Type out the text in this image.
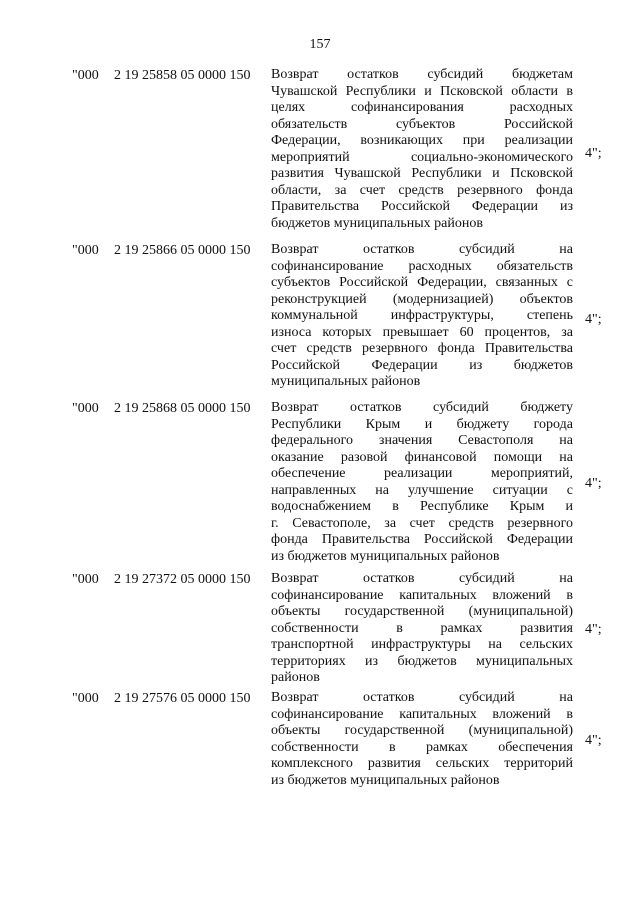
157
"000 2 19 25858 05 0000 150 Возврат остатков субсидий бюджетам
Чувашской Республики и Псковской области в
целях софинансирования расходных
обязательств субъектов Российской
Федерации, возникающих при реализации
мероприятий социально-экономического
развития Чувашской Республики и Псковской
области, за счет средств резервного фонда
Правительства Российской Федерации из
бюджетов муниципальных районов
4";
"000 2 19 25866 05 0000 150 Возврат остатков субсидий на
софинансирование расходных обязательств
субъектов Российской Федерации, связанных с
реконструкцией (модернизацией) объектов
коммунальной инфраструктуры, степень
износа которых превышает 60 процентов, за
счет средств резервного фонда Правительства
Российской Федерации из бюджетов
муниципальных районов
4";
"000 2 19 25868 05 0000 150 Возврат остатков субсидий бюджету
Республики Крым и бюджету города
федерального значения Севастополя на
оказание разовой финансовой помощи на
обеспечение реализации мероприятий,
направленных на улучшение ситуации с
водоснабжением в Республике Крым и
г. Севастополе, за счет средств резервного
фонда Правительства Российской Федерации
из бюджетов муниципальных районов
4";
"000 2 19 27372 05 0000 150 Возврат остатков субсидий на
софинансирование капитальных вложений в
объекты государственной (муниципальной)
собственности в рамках развития
транспортной инфраструктуры на сельских
территориях из бюджетов муниципальных
районов
4";
"000 2 19 27576 05 0000 150 Возврат остатков субсидий на
софинансирование капитальных вложений в
объекты государственной (муниципальной)
собственности в рамках обеспечения
комплексного развития сельских территорий
из бюджетов муниципальных районов
4";
